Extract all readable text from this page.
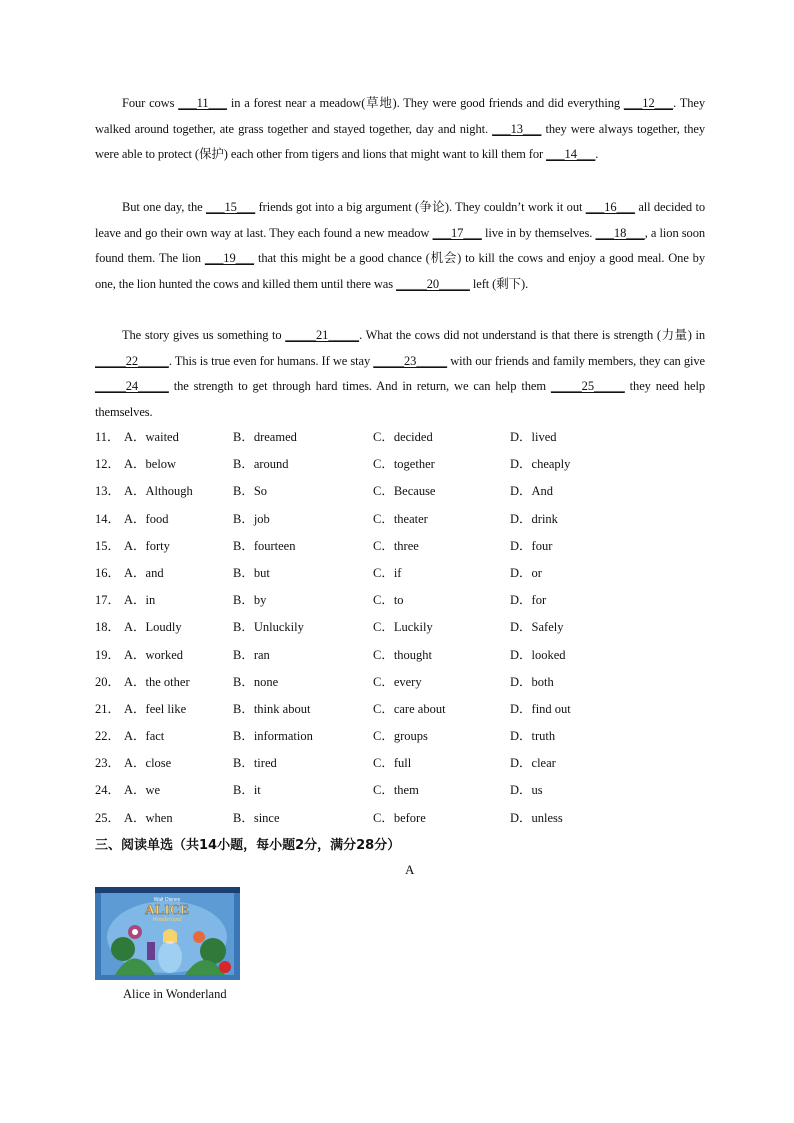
Four cows ___11___ in a forest near a meadow(草地). They were good friends and did everything ___12___. They walked around together, ate grass together and stayed together, day and night. ___13___ they were always together, they were able to protect (保护) each other from tigers and lions that might want to kill them for ___14___.
But one day, the ___15___ friends got into a big argument (争论). They couldn’t work it out ___16___ all decided to leave and go their own way at last. They each found a new meadow ___17___ live in by themselves. ___18___, a lion soon found them. The lion ___19___ that this might be a good chance (机会) to kill the cows and enjoy a good meal. One by one, the lion hunted the cows and killed them until there was _____20_____ left (剩下).
The story gives us something to _____21_____. What the cows did not understand is that there is strength (力量) in _____22_____. This is true even for humans. If we stay _____23_____ with our friends and family members, they can give _____24_____ the strength to get through hard times. And in return, we can help them _____25_____ they need help themselves.
11． A．waited	B．dreamed	C．decided	D．lived
12． A．below	B．around	C．together	D．cheaply
13． A．Although	B．So	C．Because	D．And
14． A．food	B．job	C．theater	D．drink
15． A．forty	B．fourteen	C．three	D．four
16． A．and	B．but	C．if	D．or
17． A．in	B．by	C．to	D．for
18． A．Loudly	B．Unluckily	C．Luckily	D．Safely
19． A．worked	B．ran	C．thought	D．looked
20． A．the other	B．none	C．every	D．both
21． A．feel like	B．think about	C．care about	D．find out
22． A．fact	B．information	C．groups	D．truth
23． A．close	B．tired	C．full	D．clear
24． A．we	B．it	C．them	D．us
25． A．when	B．since	C．before	D．unless
三、阅读单选（共14小题，每小题2分，满分28分）
A
Walt Disney
ALICE
Wonderland
Alice in Wonderland
